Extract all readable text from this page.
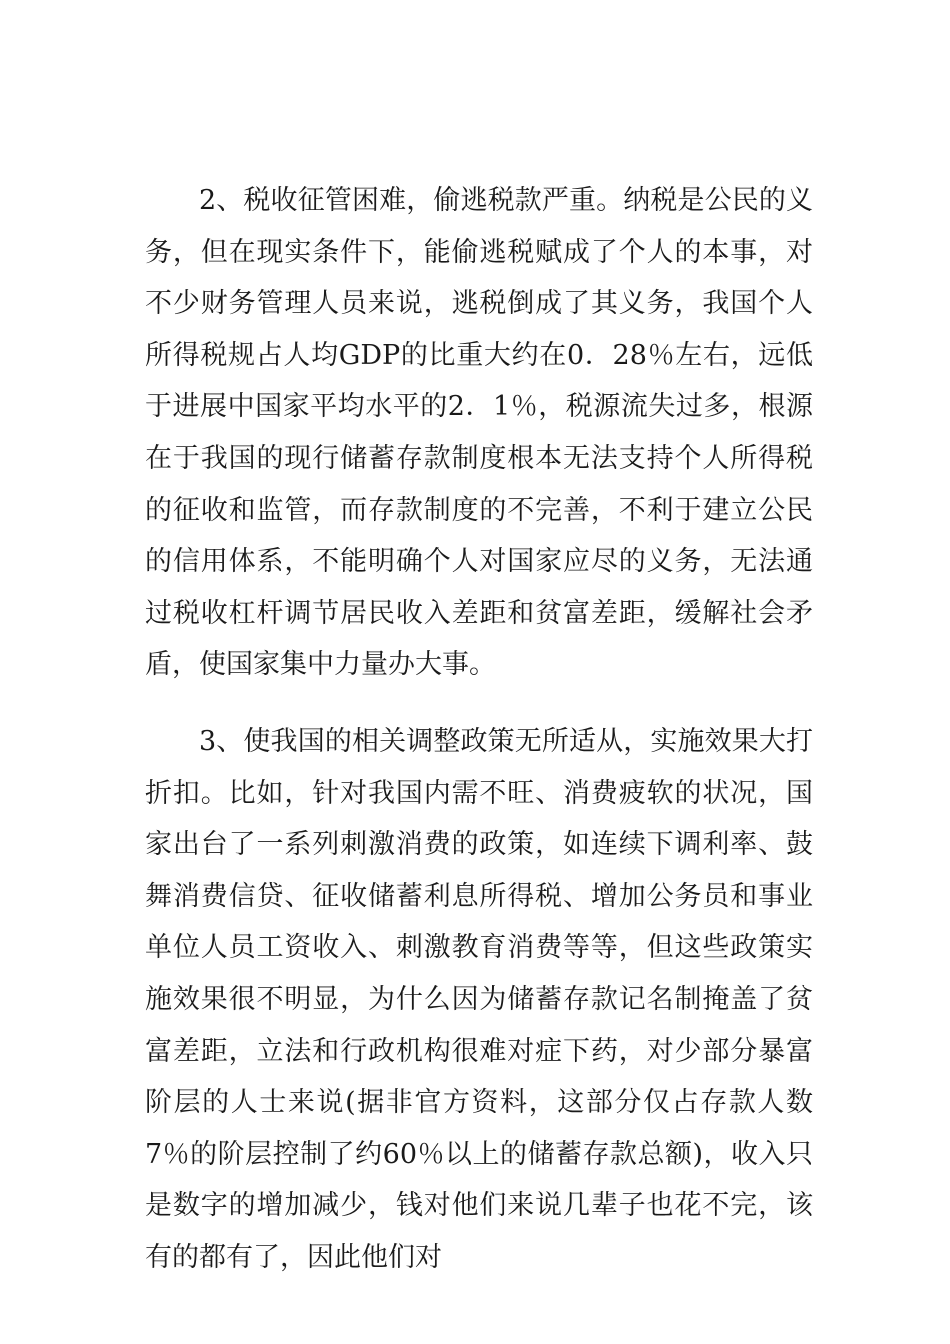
2、税收征管困难，偷逃税款严重。纳税是公民的义务，但在现实条件下，能偷逃税赋成了个人的本事，对不少财务管理人员来说，逃税倒成了其义务，我国个人所得税规占人均GDP的比重大约在0．28％左右，远低于进展中国家平均水平的2．1％，税源流失过多，根源在于我国的现行储蓄存款制度根本无法支持个人所得税的征收和监管，而存款制度的不完善，不利于建立公民的信用体系，不能明确个人对国家应尽的义务，无法通过税收杠杆调节居民收入差距和贫富差距，缓解社会矛盾，使国家集中力量办大事。

3、使我国的相关调整政策无所适从，实施效果大打折扣。比如，针对我国内需不旺、消费疲软的状况，国家出台了一系列刺激消费的政策，如连续下调利率、鼓舞消费信贷、征收储蓄利息所得税、增加公务员和事业单位人员工资收入、刺激教育消费等等，但这些政策实施效果很不明显，为什么因为储蓄存款记名制掩盖了贫富差距，立法和行政机构很难对症下药，对少部分暴富阶层的人士来说(据非官方资料，这部分仅占存款人数7％的阶层控制了约60％以上的储蓄存款总额)，收入只是数字的增加减少，钱对他们来说几辈子也花不完，该有的都有了，因此他们对
